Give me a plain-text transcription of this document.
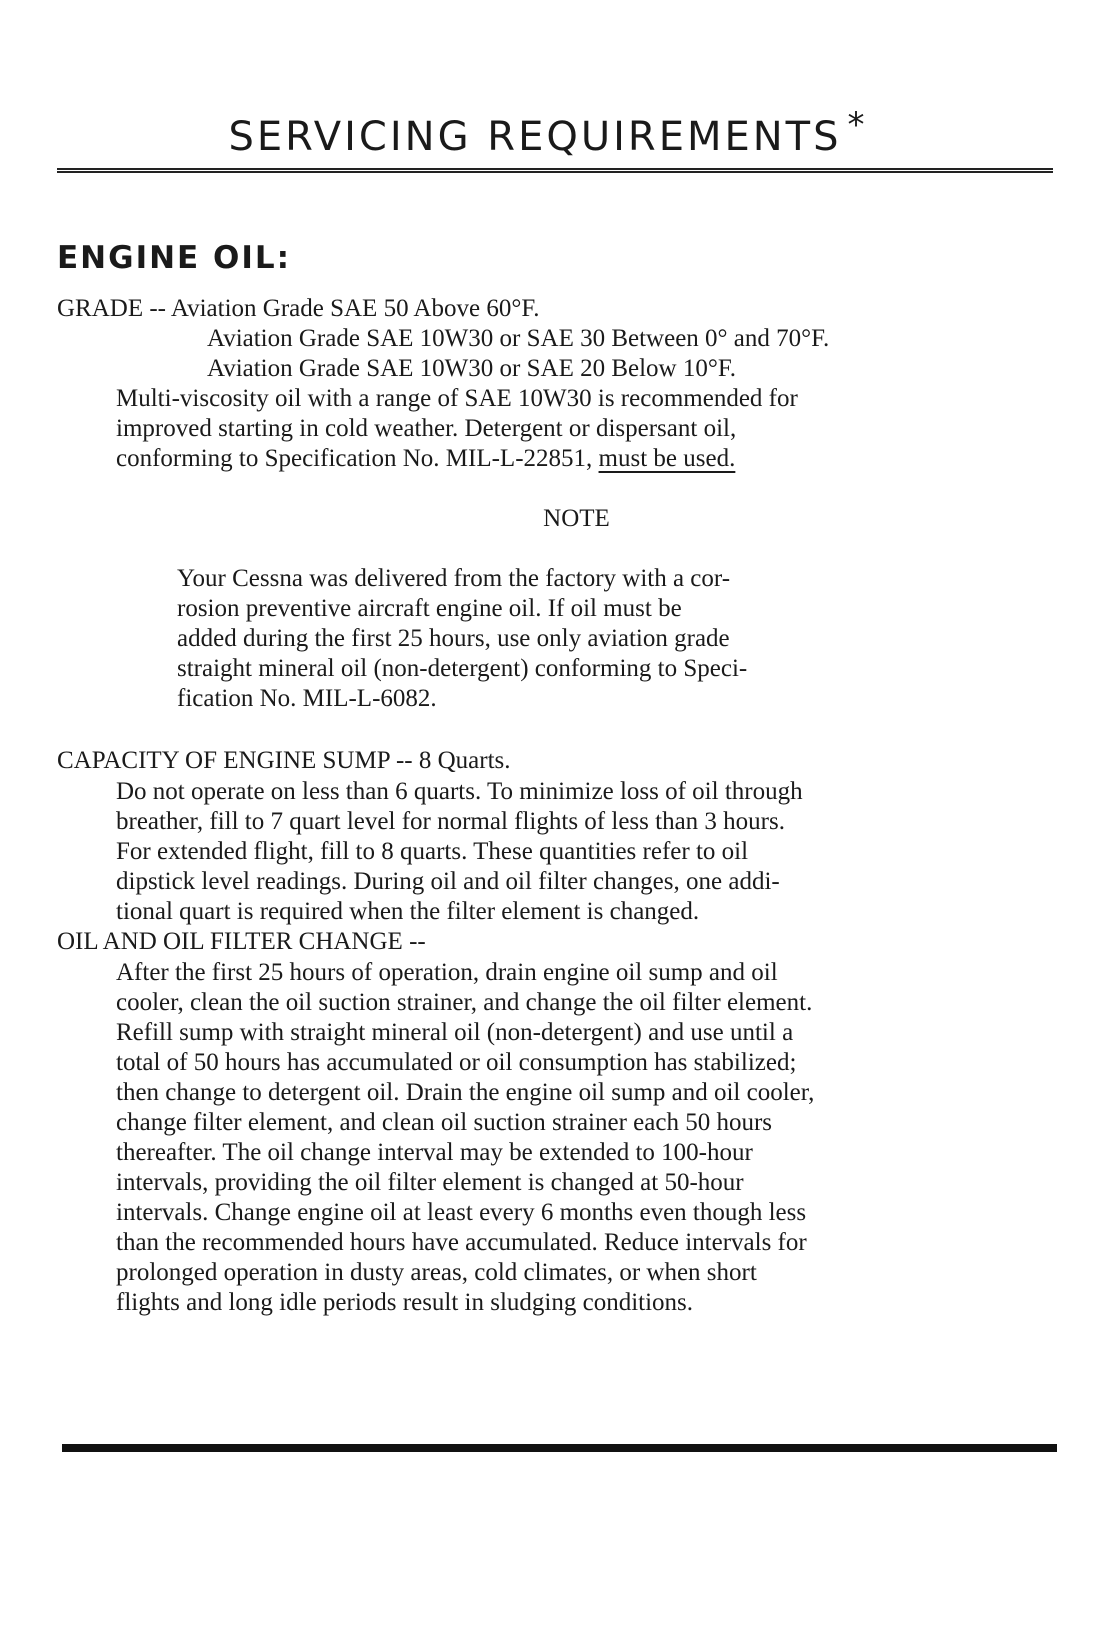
SERVICING REQUIREMENTS *
ENGINE OIL:
GRADE -- Aviation Grade SAE 50 Above 60°F.
Aviation Grade SAE 10W30 or SAE 30 Between 0° and 70°F.
Aviation Grade SAE 10W30 or SAE 20 Below 10°F.
Multi-viscosity oil with a range of SAE 10W30 is recommended for
improved starting in cold weather. Detergent or dispersant oil,
conforming to Specification No. MIL-L-22851, must be used.
NOTE
Your Cessna was delivered from the factory with a cor-
rosion preventive aircraft engine oil. If oil must be
added during the first 25 hours, use only aviation grade
straight mineral oil (non-detergent) conforming to Speci-
fication No. MIL-L-6082.
CAPACITY OF ENGINE SUMP -- 8 Quarts.
Do not operate on less than 6 quarts. To minimize loss of oil through
breather, fill to 7 quart level for normal flights of less than 3 hours.
For extended flight, fill to 8 quarts. These quantities refer to oil
dipstick level readings. During oil and oil filter changes, one addi-
tional quart is required when the filter element is changed.
OIL AND OIL FILTER CHANGE --
After the first 25 hours of operation, drain engine oil sump and oil
cooler, clean the oil suction strainer, and change the oil filter element.
Refill sump with straight mineral oil (non-detergent) and use until a
total of 50 hours has accumulated or oil consumption has stabilized;
then change to detergent oil. Drain the engine oil sump and oil cooler,
change filter element, and clean oil suction strainer each 50 hours
thereafter. The oil change interval may be extended to 100-hour
intervals, providing the oil filter element is changed at 50-hour
intervals. Change engine oil at least every 6 months even though less
than the recommended hours have accumulated. Reduce intervals for
prolonged operation in dusty areas, cold climates, or when short
flights and long idle periods result in sludging conditions.
